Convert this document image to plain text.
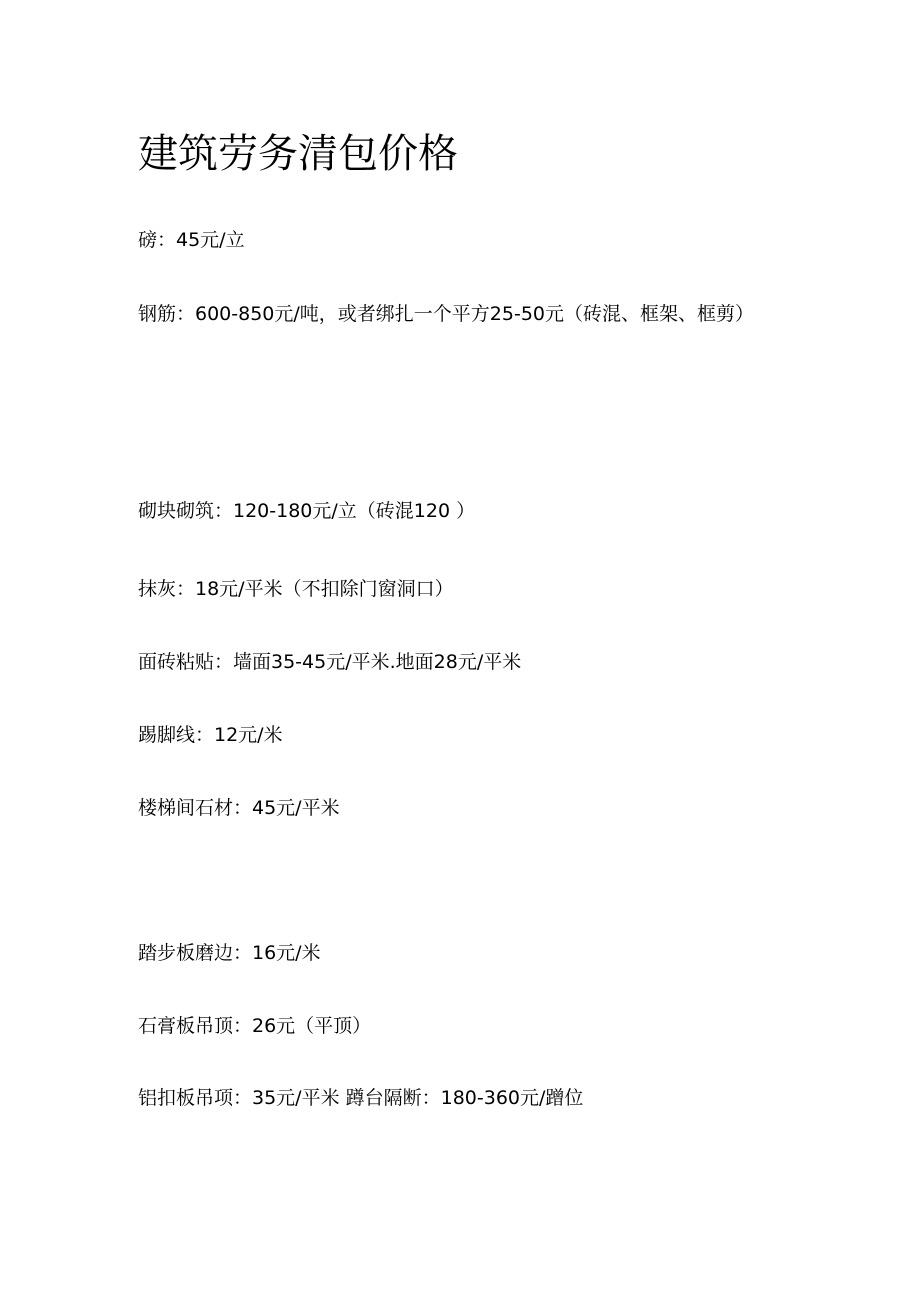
建筑劳务清包价格
磅：45元/立
钢筋：600-850元/吨，或者绑扎一个平方25-50元（砖混、框架、框剪）
砌块砌筑：120-180元/立（砖混120 ）
抹灰：18元/平米（不扣除门窗洞口）
面砖粘贴：墙面35-45元/平米.地面28元/平米
踢脚线：12元/米
楼梯间石材：45元/平米
踏步板磨边：16元/米
石膏板吊顶：26元（平顶）
铝扣板吊项：35元/平米 蹲台隔断：180-360元/蹭位
